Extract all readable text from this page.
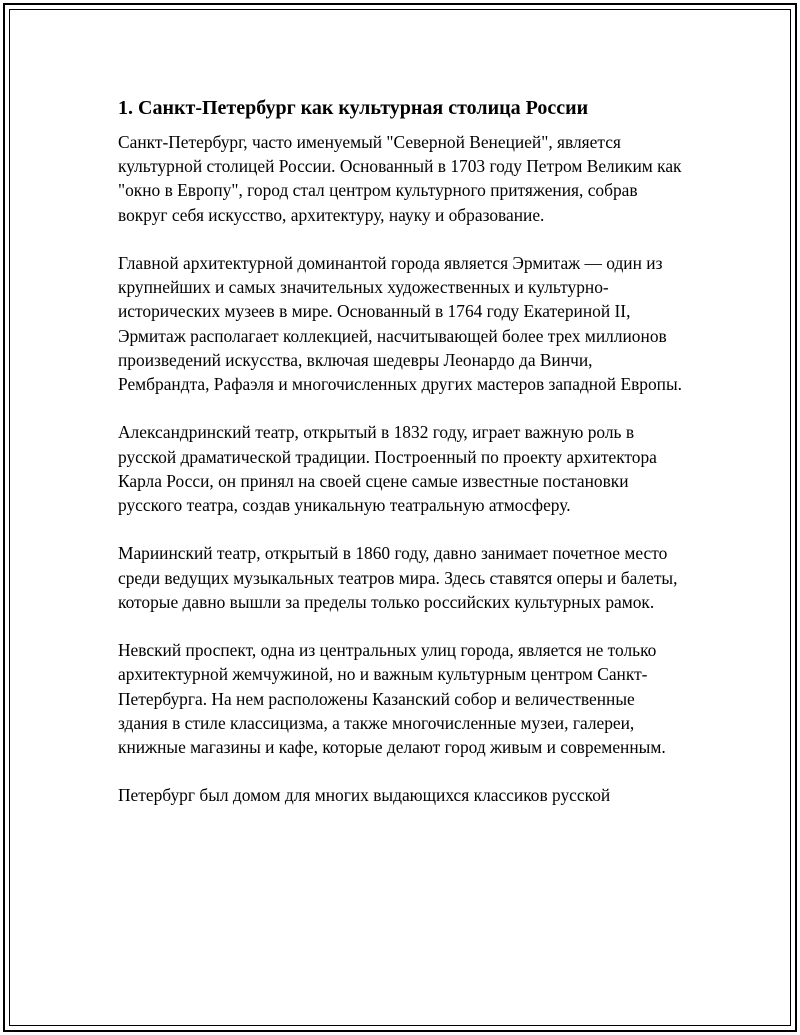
1. Санкт-Петербург как культурная столица России

Санкт-Петербург, часто именуемый "Северной Венецией", является культурной столицей России. Основанный в 1703 году Петром Великим как "окно в Европу", город стал центром культурного притяжения, собрав вокруг себя искусство, архитектуру, науку и образование.

Главной архитектурной доминантой города является Эрмитаж — один из крупнейших и самых значительных художественных и культурно-исторических музеев в мире. Основанный в 1764 году Екатериной II, Эрмитаж располагает коллекцией, насчитывающей более трех миллионов произведений искусства, включая шедевры Леонардо да Винчи, Рембрандта, Рафаэля и многочисленных других мастеров западной Европы.

Александринский театр, открытый в 1832 году, играет важную роль в русской драматической традиции. Построенный по проекту архитектора Карла Росси, он принял на своей сцене самые известные постановки русского театра, создав уникальную театральную атмосферу.

Мариинский театр, открытый в 1860 году, давно занимает почетное место среди ведущих музыкальных театров мира. Здесь ставятся оперы и балеты, которые давно вышли за пределы только российских культурных рамок.

Невский проспект, одна из центральных улиц города, является не только архитектурной жемчужиной, но и важным культурным центром Санкт-Петербурга. На нем расположены Казанский собор и величественные здания в стиле классицизма, а также многочисленные музеи, галереи, книжные магазины и кафе, которые делают город живым и современным.

Петербург был домом для многих выдающихся классиков русской
